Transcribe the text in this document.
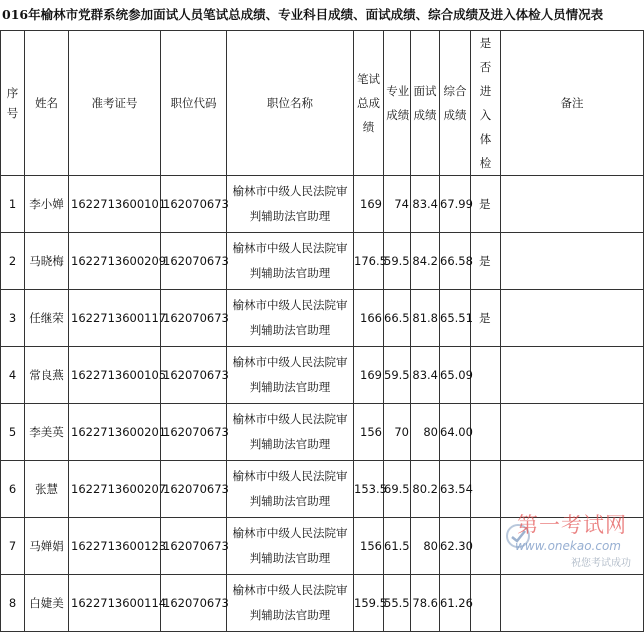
016年榆林市党群系统参加面试人员笔试总成绩、专业科目成绩、面试成绩、综合成绩及进入体检人员情况表
序号	姓名	准考证号	职位代码	职位名称	笔试总成绩	专业成绩	面试成绩	综合成绩	是否进入体检	备注
1	李小婵	1622713600101	162070673	榆林市中级人民法院审判辅助法官助理	169	74	83.4	67.99	是	
2	马晓梅	1622713600209	162070673	榆林市中级人民法院审判辅助法官助理	176.5	59.5	84.2	66.58	是	
3	任继荣	1622713600117	162070673	榆林市中级人民法院审判辅助法官助理	166	66.5	81.8	65.51	是	
4	常良燕	1622713600105	162070673	榆林市中级人民法院审判辅助法官助理	169	59.5	83.4	65.09		
5	李美英	1622713600201	162070673	榆林市中级人民法院审判辅助法官助理	156	70	80	64.00		
6	张慧	1622713600207	162070673	榆林市中级人民法院审判辅助法官助理	153.5	69.5	80.2	63.54		
7	马婵娟	1622713600123	162070673	榆林市中级人民法院审判辅助法官助理	156	61.5	80	62.30		
8	白婕美	1622713600114	162070673	榆林市中级人民法院审判辅助法官助理	159.5	55.5	78.6	61.26		
第一考试网
www.onekao.com
祝您考试成功
